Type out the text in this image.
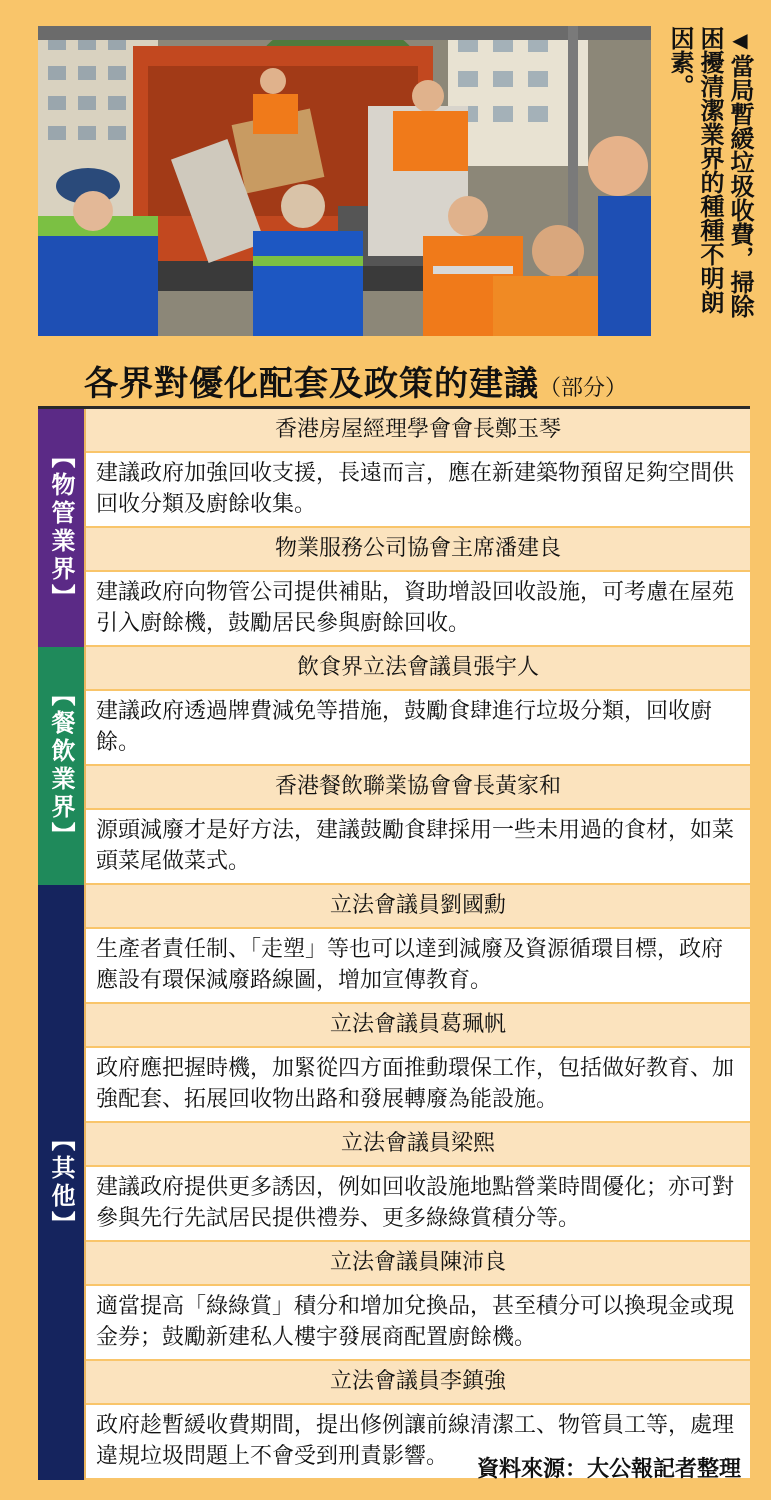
◀
當局暫緩垃圾收費，掃除
困擾清潔業界的種種不明朗
因素。
各界對優化配套及政策的建議（部分）
【物管業界】
香港房屋經理學會會長鄭玉琴
建議政府加強回收支援，長遠而言，應在新建築物預留足夠空間供回收分類及廚餘收集。
物業服務公司協會主席潘建良
建議政府向物管公司提供補貼，資助增設回收設施，可考慮在屋苑引入廚餘機，鼓勵居民參與廚餘回收。
【餐飲業界】
飲食界立法會議員張宇人
建議政府透過牌費減免等措施，鼓勵食肆進行垃圾分類，回收廚餘。
香港餐飲聯業協會會長黃家和
源頭減廢才是好方法，建議鼓勵食肆採用一些未用過的食材，如菜頭菜尾做菜式。
【其他】
立法會議員劉國勳
生產者責任制、「走塑」等也可以達到減廢及資源循環目標，政府應設有環保減廢路線圖，增加宣傳教育。
立法會議員葛珮帆
政府應把握時機，加緊從四方面推動環保工作，包括做好教育、加強配套、拓展回收物出路和發展轉廢為能設施。
立法會議員梁熙
建議政府提供更多誘因，例如回收設施地點營業時間優化；亦可對參與先行先試居民提供禮券、更多綠綠賞積分等。
立法會議員陳沛良
適當提高「綠綠賞」積分和增加兌換品，甚至積分可以換現金或現金券；鼓勵新建私人樓宇發展商配置廚餘機。
立法會議員李鎮強
政府趁暫緩收費期間，提出修例讓前線清潔工、物管員工等，處理違規垃圾問題上不會受到刑責影響。
資料來源：大公報記者整理
